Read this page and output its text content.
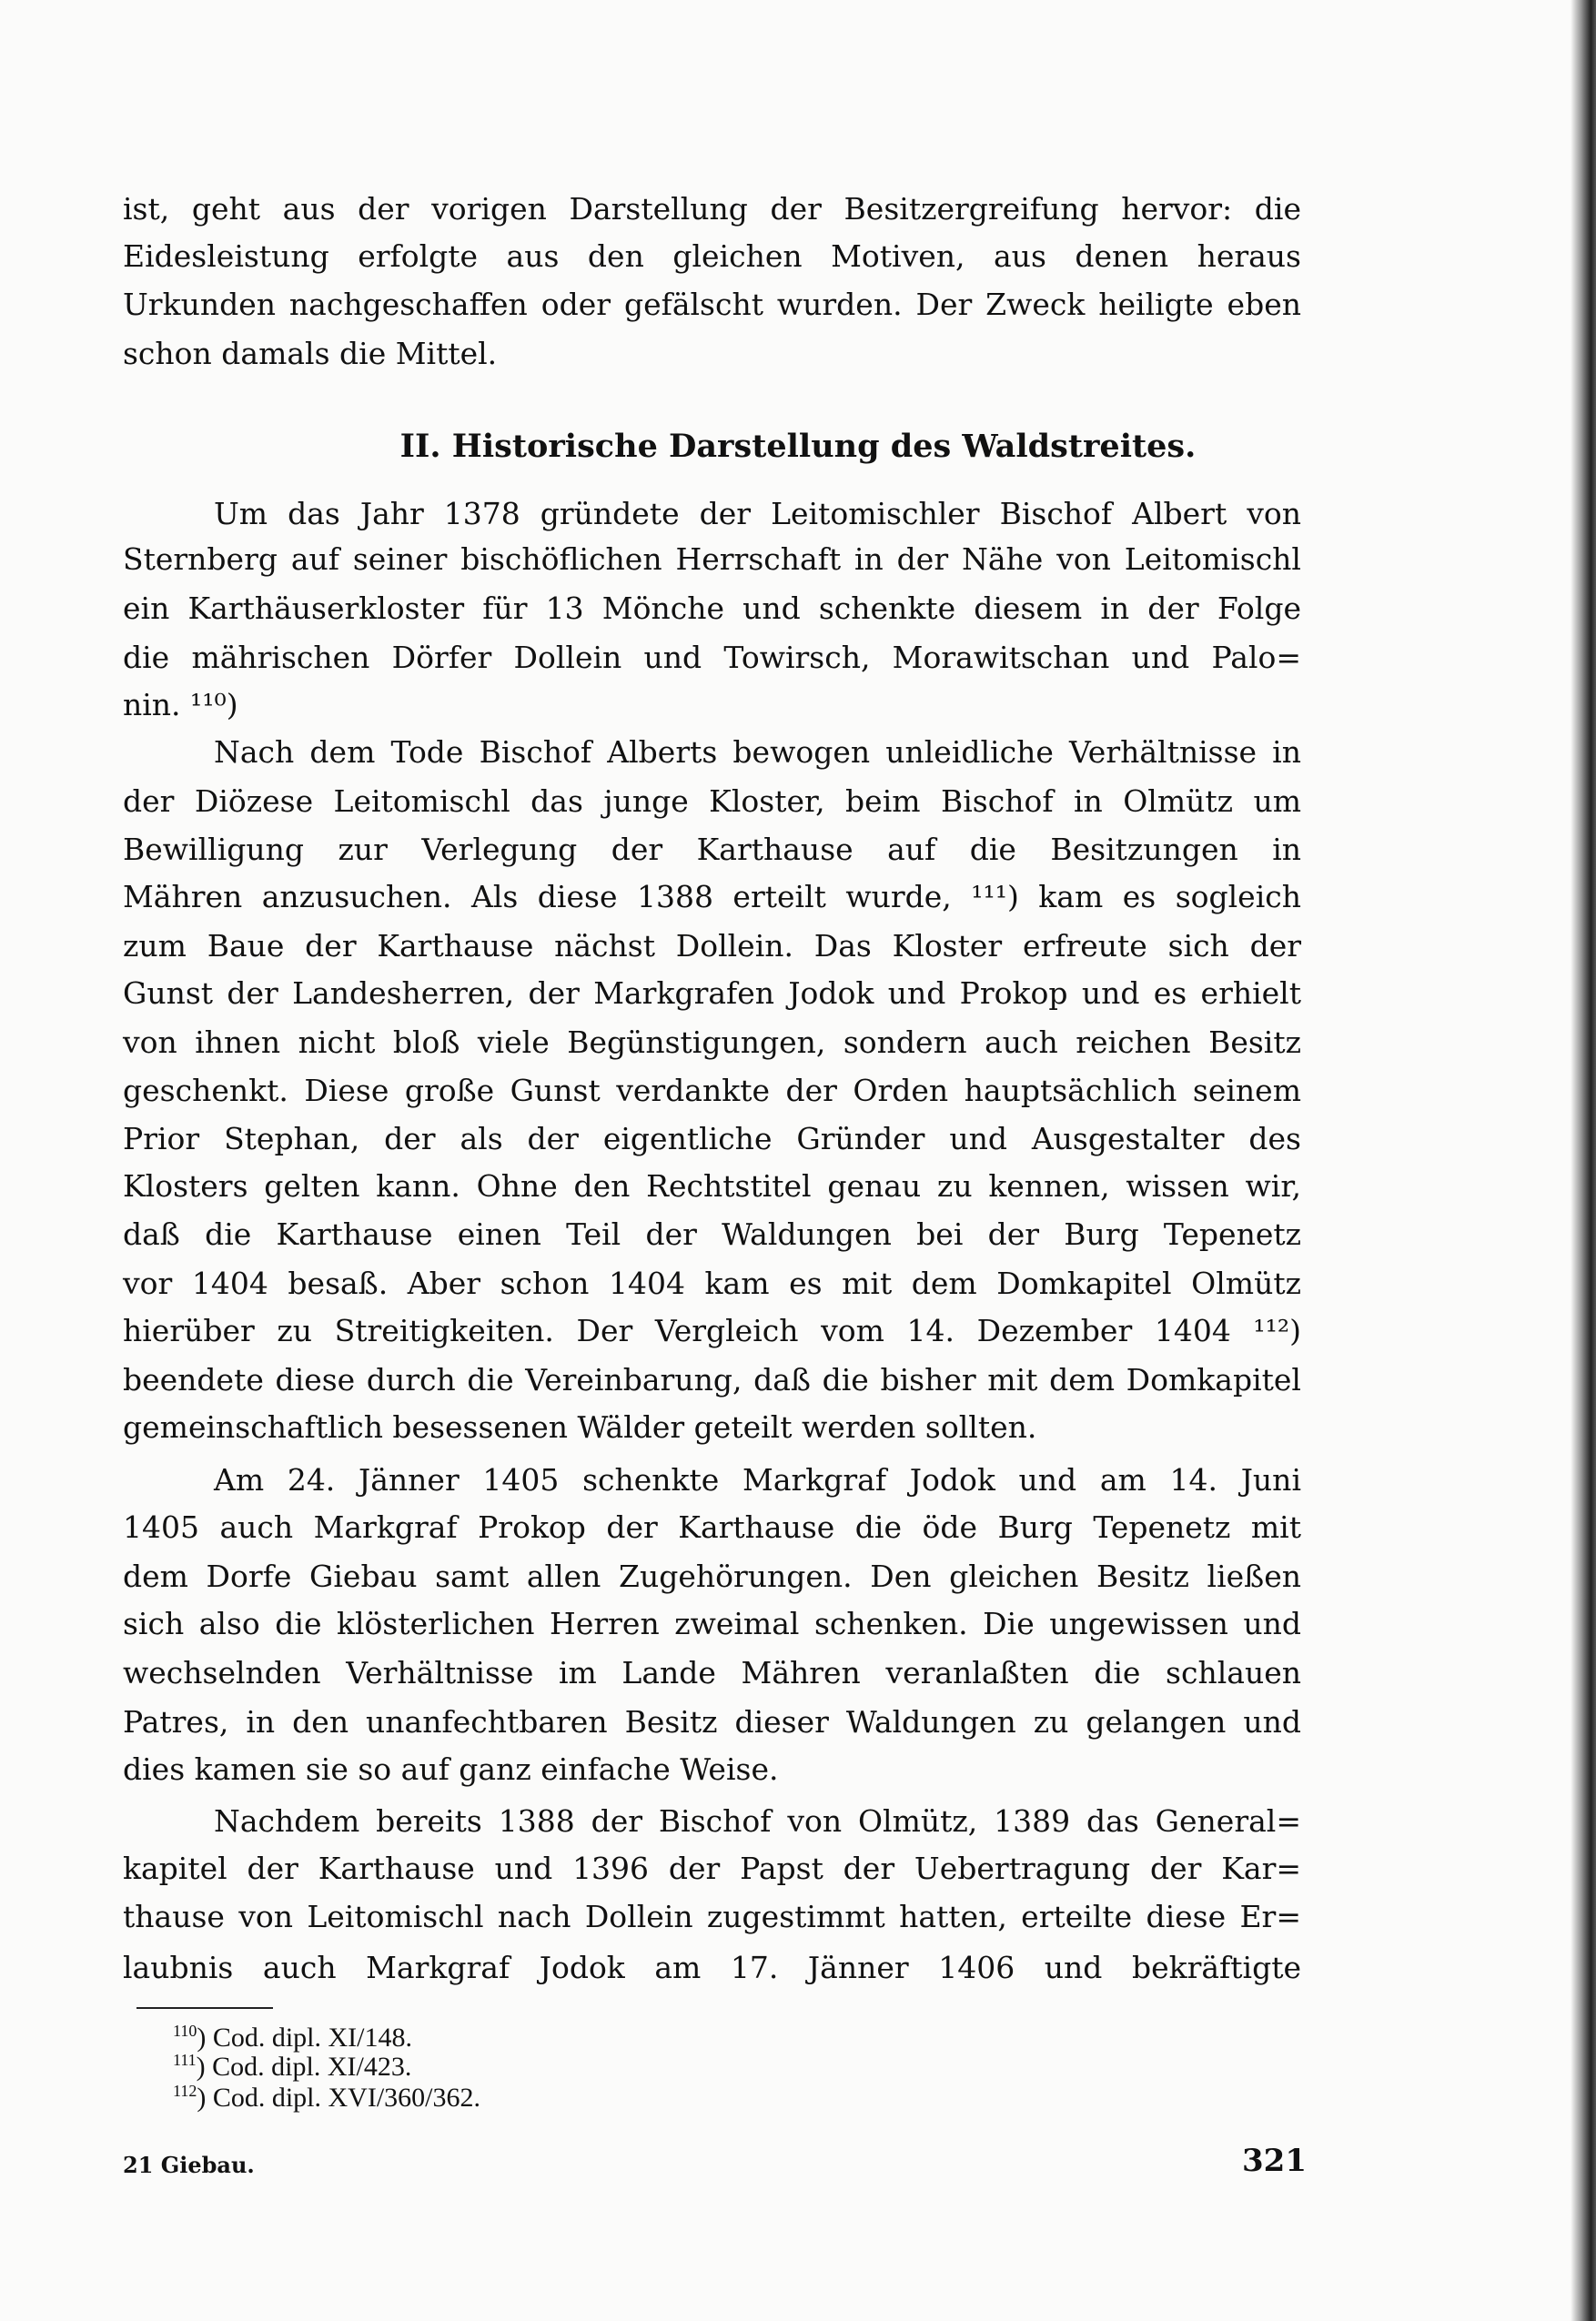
ist, geht aus der vorigen Darstellung der Besitzergreifung hervor: die
Eidesleistung erfolgte aus den gleichen Motiven, aus denen heraus
Urkunden nachgeschaffen oder gefälscht wurden. Der Zweck heiligte eben
schon damals die Mittel.
II. Historische Darstellung des Waldstreites.
Um das Jahr 1378 gründete der Leitomischler Bischof Albert von
Sternberg auf seiner bischöflichen Herrschaft in der Nähe von Leitomischl
ein Karthäuserkloster für 13 Mönche und schenkte diesem in der Folge
die mährischen Dörfer Dollein und Towirsch, Morawitschan und Palo=
nin. ¹¹⁰)
Nach dem Tode Bischof Alberts bewogen unleidliche Verhältnisse in
der Diözese Leitomischl das junge Kloster, beim Bischof in Olmütz um
Bewilligung zur Verlegung der Karthause auf die Besitzungen in
Mähren anzusuchen. Als diese 1388 erteilt wurde, ¹¹¹) kam es sogleich
zum Baue der Karthause nächst Dollein. Das Kloster erfreute sich der
Gunst der Landesherren, der Markgrafen Jodok und Prokop und es erhielt
von ihnen nicht bloß viele Begünstigungen, sondern auch reichen Besitz
geschenkt. Diese große Gunst verdankte der Orden hauptsächlich seinem
Prior Stephan, der als der eigentliche Gründer und Ausgestalter des
Klosters gelten kann. Ohne den Rechtstitel genau zu kennen, wissen wir,
daß die Karthause einen Teil der Waldungen bei der Burg Tepenetz
vor 1404 besaß. Aber schon 1404 kam es mit dem Domkapitel Olmütz
hierüber zu Streitigkeiten. Der Vergleich vom 14. Dezember 1404 ¹¹²)
beendete diese durch die Vereinbarung, daß die bisher mit dem Domkapitel
gemeinschaftlich besessenen Wälder geteilt werden sollten.
Am 24. Jänner 1405 schenkte Markgraf Jodok und am 14. Juni
1405 auch Markgraf Prokop der Karthause die öde Burg Tepenetz mit
dem Dorfe Giebau samt allen Zugehörungen. Den gleichen Besitz ließen
sich also die klösterlichen Herren zweimal schenken. Die ungewissen und
wechselnden Verhältnisse im Lande Mähren veranlaßten die schlauen
Patres, in den unanfechtbaren Besitz dieser Waldungen zu gelangen und
dies kamen sie so auf ganz einfache Weise.
Nachdem bereits 1388 der Bischof von Olmütz, 1389 das General=
kapitel der Karthause und 1396 der Papst der Uebertragung der Kar=
thause von Leitomischl nach Dollein zugestimmt hatten, erteilte diese Er=
laubnis auch Markgraf Jodok am 17. Jänner 1406 und bekräftigte
$^{110}$) Cod. dipl. XI/148.
$^{111}$) Cod. dipl. XI/423.
$^{112}$) Cod. dipl. XVI/360/362.
21 Giebau.	321
